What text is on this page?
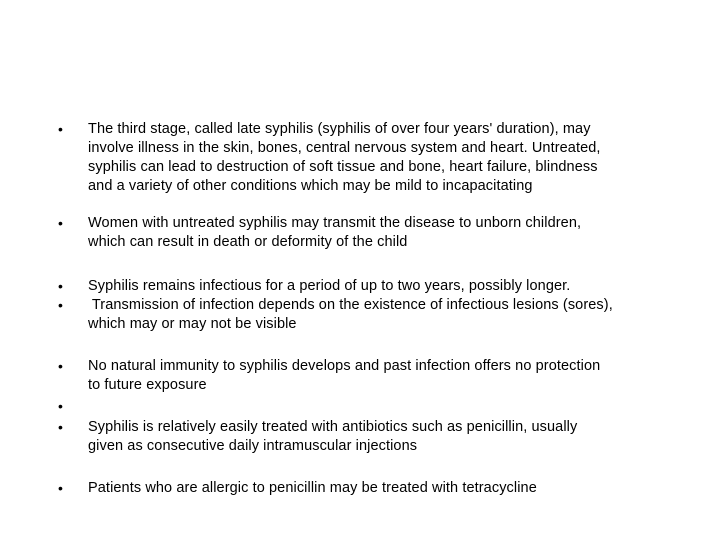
• The third stage, called late syphilis (syphilis of over four years' duration), may
involve illness in the skin, bones, central nervous system and heart. Untreated,
syphilis can lead to destruction of soft tissue and bone, heart failure, blindness
and a variety of other conditions which may be mild to incapacitating
• Women with untreated syphilis may transmit the disease to unborn children,
which can result in death or deformity of the child
• Syphilis remains infectious for a period of up to two years, possibly longer.
• Transmission of infection depends on the existence of infectious lesions (sores),
which may or may not be visible
• No natural immunity to syphilis develops and past infection offers no protection
to future exposure
•
• Syphilis is relatively easily treated with antibiotics such as penicillin, usually
given as consecutive daily intramuscular injections
• Patients who are allergic to penicillin may be treated with tetracycline
